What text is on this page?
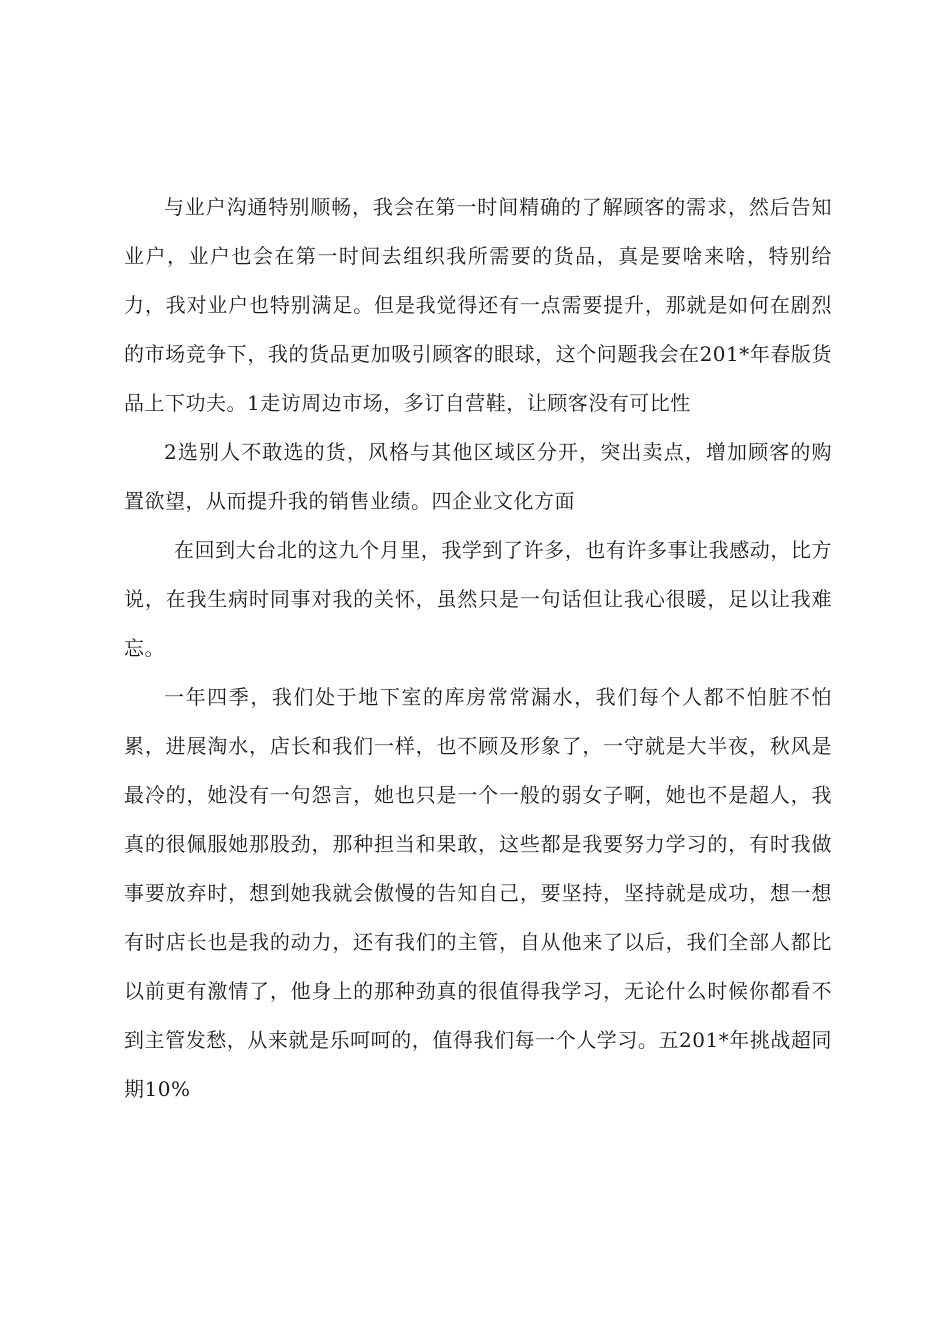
与业户沟通特别顺畅，我会在第一时间精确的了解顾客的需求，然后告知业户，业户也会在第一时间去组织我所需要的货品，真是要啥来啥，特别给力，我对业户也特别满足。但是我觉得还有一点需要提升，那就是如何在剧烈的市场竞争下，我的货品更加吸引顾客的眼球，这个问题我会在201*年春版货品上下功夫。1走访周边市场，多订自营鞋，让顾客没有可比性

2选别人不敢选的货，风格与其他区域区分开，突出卖点，增加顾客的购置欲望，从而提升我的销售业绩。四企业文化方面

在回到大台北的这九个月里，我学到了许多，也有许多事让我感动，比方说，在我生病时同事对我的关怀，虽然只是一句话但让我心很暖，足以让我难忘。

一年四季，我们处于地下室的库房常常漏水，我们每个人都不怕脏不怕累，进展淘水，店长和我们一样，也不顾及形象了，一守就是大半夜，秋风是最冷的，她没有一句怨言，她也只是一个一般的弱女子啊，她也不是超人，我真的很佩服她那股劲，那种担当和果敢，这些都是我要努力学习的，有时我做事要放弃时，想到她我就会傲慢的告知自己，要坚持，坚持就是成功，想一想有时店长也是我的动力，还有我们的主管，自从他来了以后，我们全部人都比以前更有激情了，他身上的那种劲真的很值得我学习，无论什么时候你都看不到主管发愁，从来就是乐呵呵的，值得我们每一个人学习。五201*年挑战超同期10%
